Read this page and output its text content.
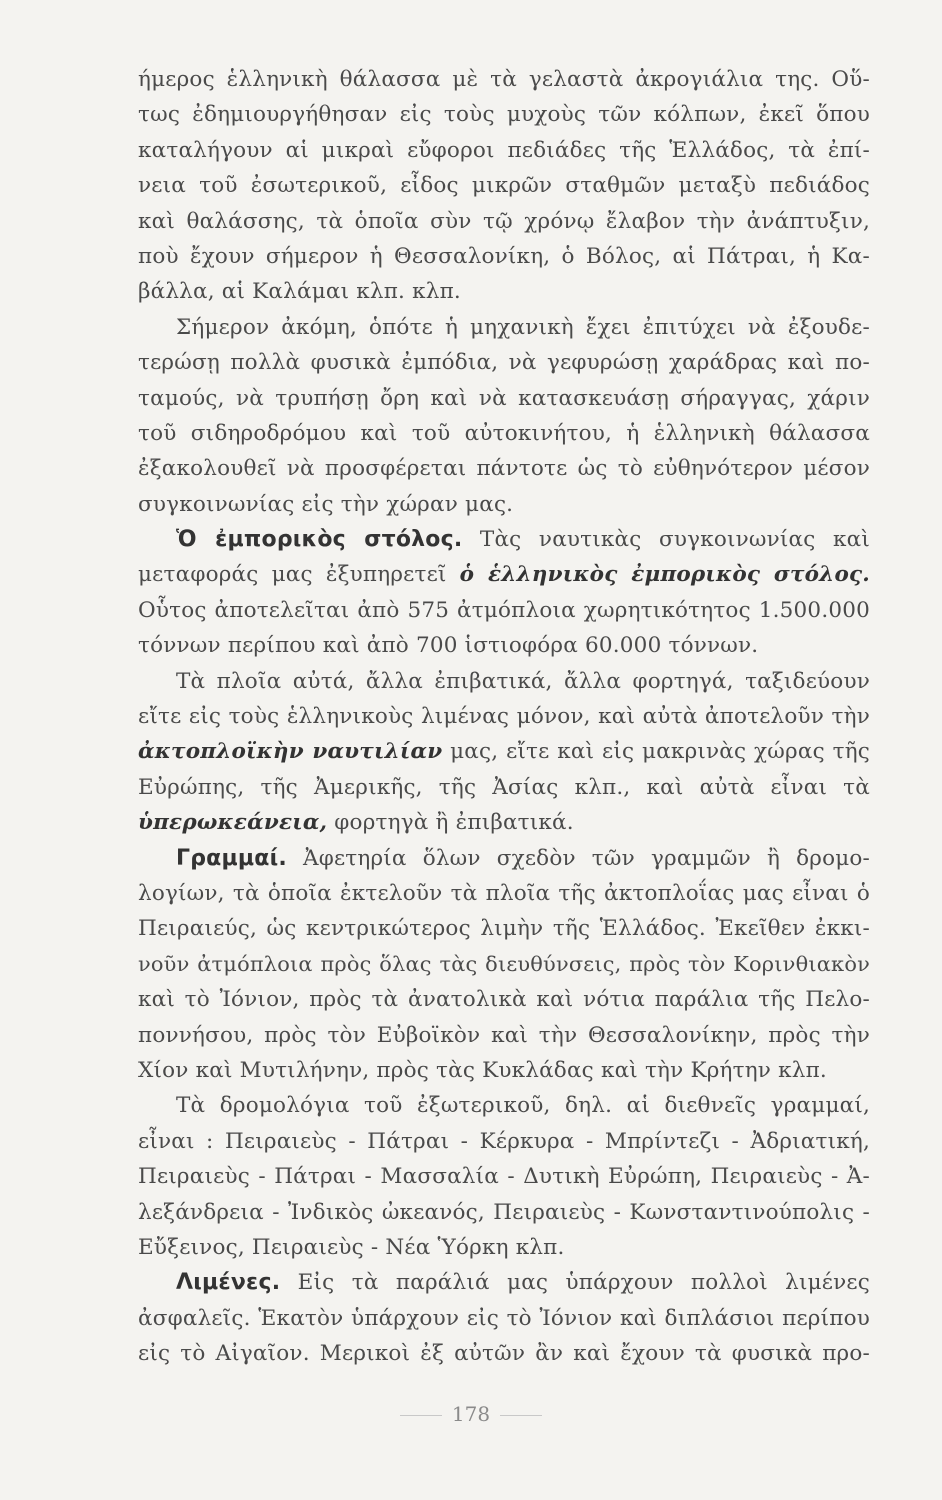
ήμερος ἑλληνικὴ θάλασσα μὲ τὰ γελαστὰ ἀκρογιάλια της. Οὕ-
τως ἐδημιουργήθησαν εἰς τοὺς μυχοὺς τῶν κόλπων, ἐκεῖ ὅπου
καταλήγουν αἱ μικραὶ εὔφοροι πεδιάδες τῆς Ἑλλάδος, τὰ ἐπί-
νεια τοῦ ἐσωτερικοῦ, εἶδος μικρῶν σταθμῶν μεταξὺ πεδιάδος
καὶ θαλάσσης, τὰ ὁποῖα σὺν τῷ χρόνῳ ἔλαβον τὴν ἀνάπτυξιν,
ποὺ ἔχουν σήμερον ἡ Θεσσαλονίκη, ὁ Βόλος, αἱ Πάτραι, ἡ Κα-
βάλλα, αἱ Καλάμαι κλπ. κλπ.
Σήμερον ἀκόμη, ὁπότε ἡ μηχανικὴ ἔχει ἐπιτύχει νὰ ἐξουδε-
τερώσῃ πολλὰ φυσικὰ ἐμπόδια, νὰ γεφυρώσῃ χαράδρας καὶ πο-
ταμούς, νὰ τρυπήσῃ ὄρη καὶ νὰ κατασκευάσῃ σήραγγας, χάριν
τοῦ σιδηροδρόμου καὶ τοῦ αὐτοκινήτου, ἡ ἑλληνικὴ θάλασσα
ἐξακολουθεῖ νὰ προσφέρεται πάντοτε ὡς τὸ εὐθηνότερον μέσον
συγκοινωνίας εἰς τὴν χώραν μας.
Ὁ ἐμπορικὸς στόλος. Τὰς ναυτικὰς συγκοινωνίας καὶ
μεταφοράς μας ἐξυπηρετεῖ ὁ ἑλληνικὸς ἐμπορικὸς στόλος.
Οὗτος ἀποτελεῖται ἀπὸ 575 ἀτμόπλοια χωρητικότητος 1.500.000
τόννων περίπου καὶ ἀπὸ 700 ἱστιοφόρα 60.000 τόννων.
Τὰ πλοῖα αὐτά, ἄλλα ἐπιβατικά, ἄλλα φορτηγά, ταξιδεύουν
εἴτε εἰς τοὺς ἑλληνικοὺς λιμένας μόνον, καὶ αὐτὰ ἀποτελοῦν τὴν
ἀκτοπλοϊκὴν ναυτιλίαν μας, εἴτε καὶ εἰς μακρινὰς χώρας τῆς
Εὐρώπης, τῆς Ἀμερικῆς, τῆς Ἀσίας κλπ., καὶ αὐτὰ εἶναι τὰ
ὑπερωκεάνεια, φορτηγὰ ἢ ἐπιβατικά.
Γραμμαί. Ἀφετηρία ὅλων σχεδὸν τῶν γραμμῶν ἢ δρομο-
λογίων, τὰ ὁποῖα ἐκτελοῦν τὰ πλοῖα τῆς ἀκτοπλοΐας μας εἶναι ὁ
Πειραιεύς, ὡς κεντρικώτερος λιμὴν τῆς Ἑλλάδος. Ἐκεῖθεν ἐκκι-
νοῦν ἀτμόπλοια πρὸς ὅλας τὰς διευθύνσεις, πρὸς τὸν Κορινθιακὸν
καὶ τὸ Ἰόνιον, πρὸς τὰ ἀνατολικὰ καὶ νότια παράλια τῆς Πελο-
ποννήσου, πρὸς τὸν Εὐβοϊκὸν καὶ τὴν Θεσσαλονίκην, πρὸς τὴν
Χίον καὶ Μυτιλήνην, πρὸς τὰς Κυκλάδας καὶ τὴν Κρήτην κλπ.
Τὰ δρομολόγια τοῦ ἐξωτερικοῦ, δηλ. αἱ διεθνεῖς γραμμαί,
εἶναι : Πειραιεὺς - Πάτραι - Κέρκυρα - Μπρίντεζι - Ἀδριατική,
Πειραιεὺς - Πάτραι - Μασσαλία - Δυτικὴ Εὐρώπη, Πειραιεὺς - Ἀ-
λεξάνδρεια - Ἰνδικὸς ὠκεανός, Πειραιεὺς - Κωνσταντινούπολις -
Εὔξεινος, Πειραιεὺς - Νέα Ὑόρκη κλπ.
Λιμένες. Εἰς τὰ παράλιά μας ὑπάρχουν πολλοὶ λιμένες
ἀσφαλεῖς. Ἑκατὸν ὑπάρχουν εἰς τὸ Ἰόνιον καὶ διπλάσιοι περίπου
εἰς τὸ Αἰγαῖον. Μερικοὶ ἐξ αὐτῶν ἂν καὶ ἔχουν τὰ φυσικὰ προ-
178
